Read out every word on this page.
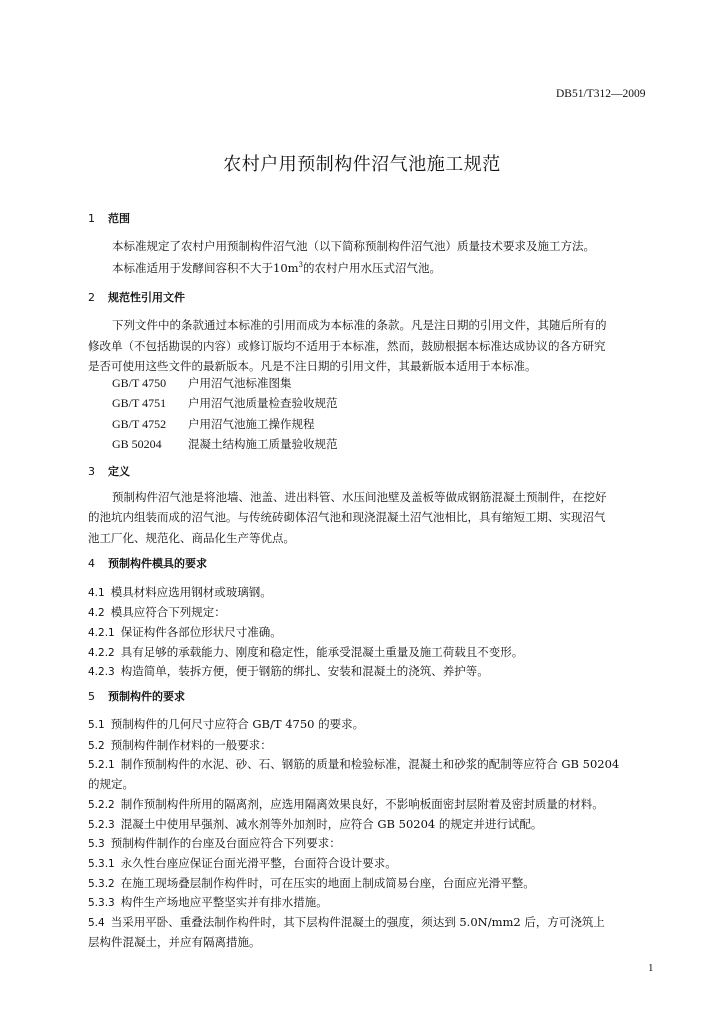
DB51/T312—2009
农村户用预制构件沼气池施工规范
1 范围
本标准规定了农村户用预制构件沼气池（以下简称预制构件沼气池）质量技术要求及施工方法。
本标准适用于发酵间容积不大于$10m^3$的农村户用水压式沼气池。
2 规范性引用文件
下列文件中的条款通过本标准的引用而成为本标准的条款。凡是注日期的引用文件，其随后所有的
修改单（不包括勘误的内容）或修订版均不适用于本标准，然而，鼓励根据本标准达成协议的各方研究
是否可使用这些文件的最新版本。凡是不注日期的引用文件，其最新版本适用于本标准。
GB/T 4750 户用沼气池标准图集
GB/T 4751 户用沼气池质量检查验收规范
GB/T 4752 户用沼气池施工操作规程
GB 50204 混凝土结构施工质量验收规范
3 定义
预制构件沼气池是将池墙、池盖、进出料管、水压间池壁及盖板等做成钢筋混凝土预制件，在挖好
的池坑内组装而成的沼气池。与传统砖砌体沼气池和现浇混凝土沼气池相比，具有缩短工期、实现沼气
池工厂化、规范化、商品化生产等优点。
4 预制构件模具的要求
4.1 模具材料应选用钢材或玻璃钢。
4.2 模具应符合下列规定：
4.2.1 保证构件各部位形状尺寸准确。
4.2.2 具有足够的承载能力、刚度和稳定性，能承受混凝土重量及施工荷载且不变形。
4.2.3 构造简单，装拆方便，便于钢筋的绑扎、安装和混凝土的浇筑、养护等。
5 预制构件的要求
5.1 预制构件的几何尺寸应符合 GB/T 4750 的要求。
5.2 预制构件制作材料的一般要求：
5.2.1 制作预制构件的水泥、砂、石、钢筋的质量和检验标准，混凝土和砂浆的配制等应符合 GB 50204
的规定。
5.2.2 制作预制构件所用的隔离剂，应选用隔离效果良好，不影响板面密封层附着及密封质量的材料。
5.2.3 混凝土中使用早强剂、减水剂等外加剂时，应符合 GB 50204 的规定并进行试配。
5.3 预制构件制作的台座及台面应符合下列要求：
5.3.1 永久性台座应保证台面光滑平整，台面符合设计要求。
5.3.2 在施工现场叠层制作构件时，可在压实的地面上制成简易台座，台面应光滑平整。
5.3.3 构件生产场地应平整坚实并有排水措施。
5.4 当采用平卧、重叠法制作构件时，其下层构件混凝土的强度，须达到 5.0N/mm2 后，方可浇筑上
层构件混凝土，并应有隔离措施。
1
